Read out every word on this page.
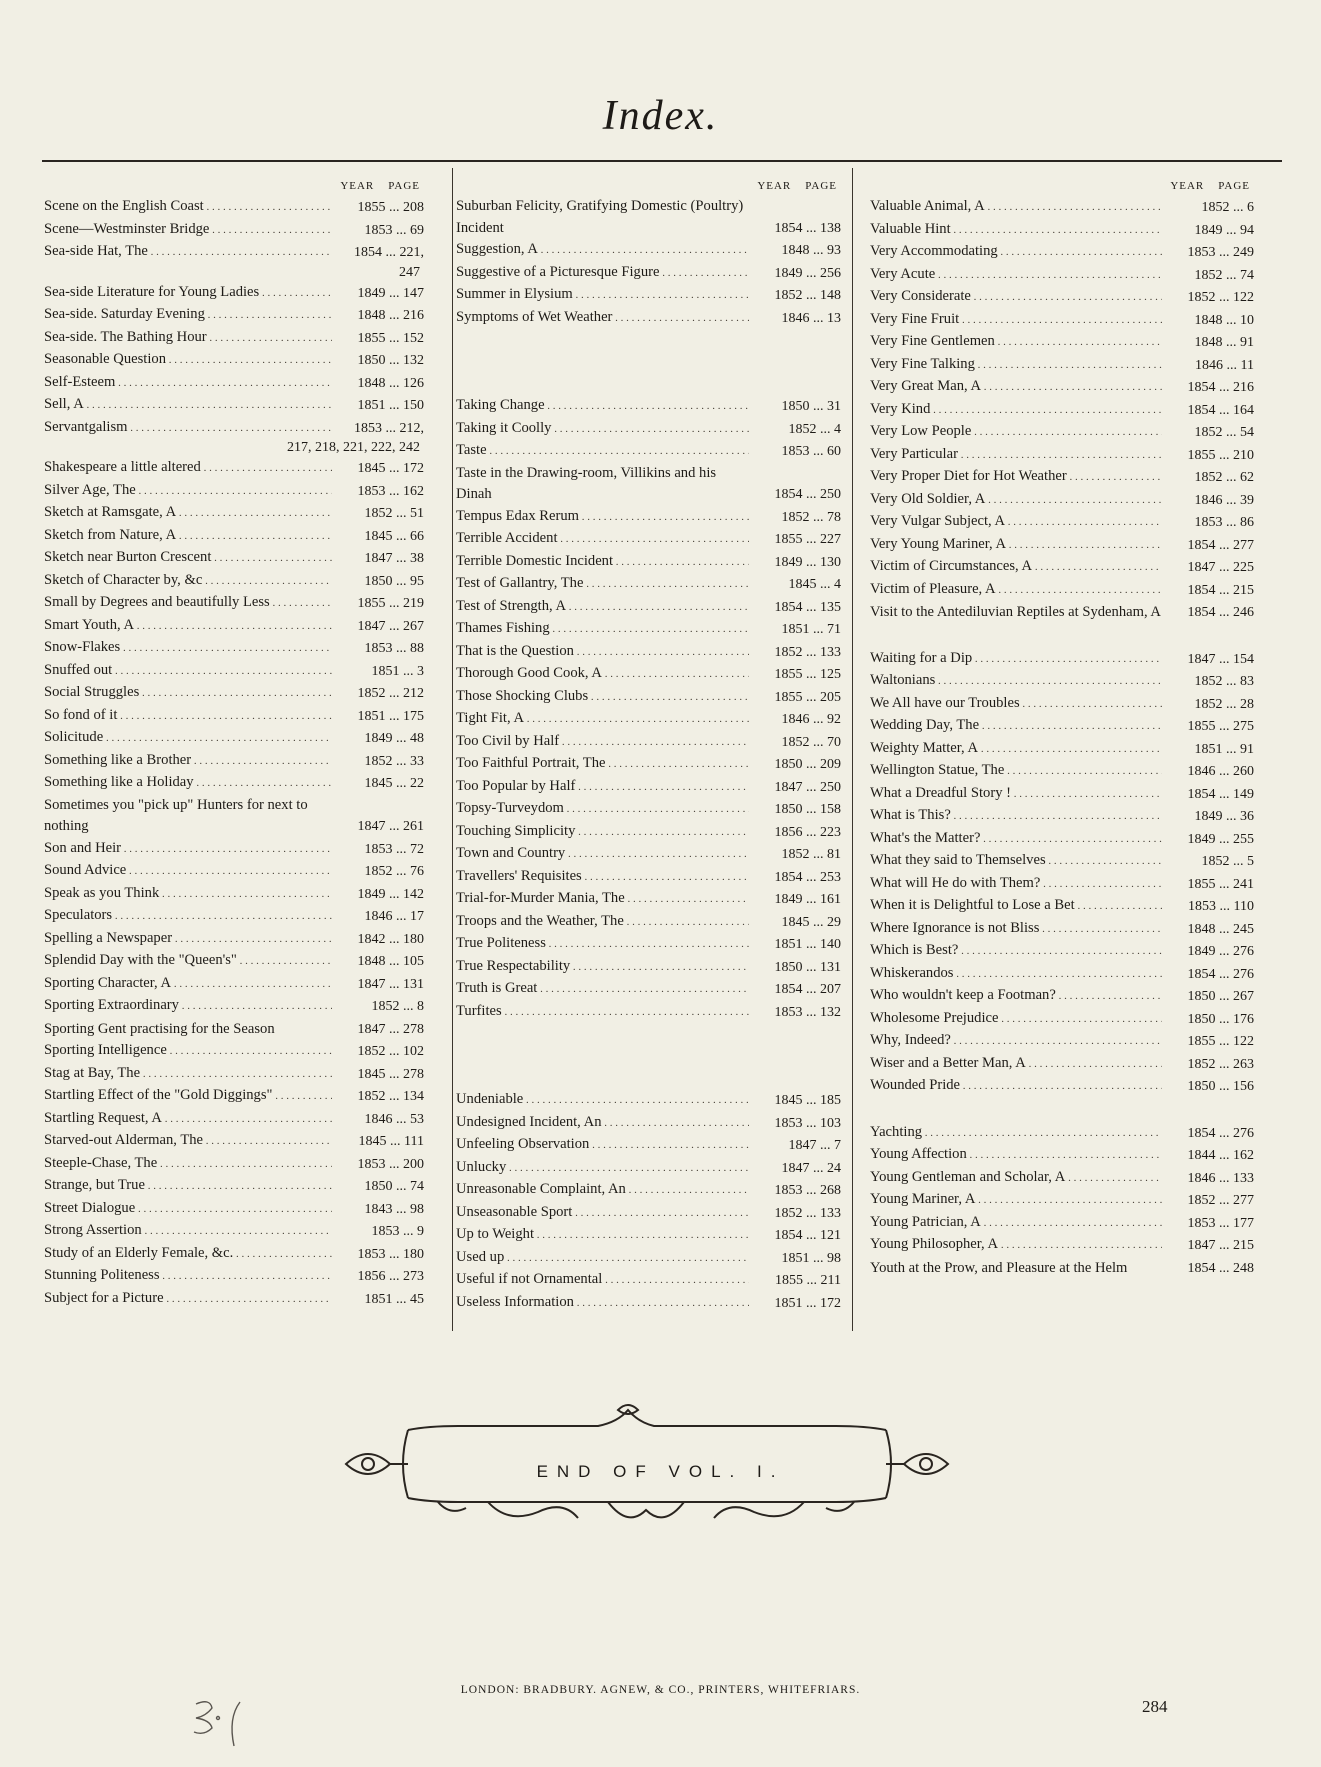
Index.
YEAR PAGE
Scene on the English Coast . . .	1855 ... 208
Scene—Westminster Bridge . . .	1853 ... 69
Sea-side Hat, The . . .	1854 ... 221,
247
Sea-side Literature for Young Ladies . . .	1849 ... 147
Sea-side. Saturday Evening . . .	1848 ... 216
Sea-side. The Bathing Hour . . .	1855 ... 152
Seasonable Question . . .	1850 ... 132
Self-Esteem . . .	1848 ... 126
Sell, A . . .	1851 ... 150
Servantgalism . . .	1853 ... 212,
217, 218, 221, 222, 242
Shakespeare a little altered . . .	1845 ... 172
Silver Age, The . . .	1853 ... 162
Sketch at Ramsgate, A . . .	1852 ... 51
Sketch from Nature, A . . .	1845 ... 66
Sketch near Burton Crescent . . .	1847 ... 38
Sketch of Character by, &c . . .	1850 ... 95
Small by Degrees and beautifully Less . . .	1855 ... 219
Smart Youth, A . . .	1847 ... 267
Snow-Flakes . . .	1853 ... 88
Snuffed out . . .	1851 ... 3
Social Struggles . . .	1852 ... 212
So fond of it . . .	1851 ... 175
Solicitude . . .	1849 ... 48
Something like a Brother . . .	1852 ... 33
Something like a Holiday . . .	1845 ... 22
Sometimes you "pick up" Hunters for next to nothing	1847 ... 261
Son and Heir . . .	1853 ... 72
Sound Advice . . .	1852 ... 76
Speak as you Think . . .	1849 ... 142
Speculators . . .	1846 ... 17
Spelling a Newspaper . . .	1842 ... 180
Splendid Day with the "Queen's" . . .	1848 ... 105
Sporting Character, A . . .	1847 ... 131
Sporting Extraordinary . . .	1852 ... 8
Sporting Gent practising for the Season	1847 ... 278
Sporting Intelligence . . .	1852 ... 102
Stag at Bay, The . . .	1845 ... 278
Startling Effect of the "Gold Diggings" . . .	1852 ... 134
Startling Request, A . . .	1846 ... 53
Starved-out Alderman, The . . .	1845 ... 111
Steeple-Chase, The . . .	1853 ... 200
Strange, but True . . .	1850 ... 74
Street Dialogue . . .	1843 ... 98
Strong Assertion . . .	1853 ... 9
Study of an Elderly Female, &c. . . .	1853 ... 180
Stunning Politeness . . .	1856 ... 273
Subject for a Picture . . .	1851 ... 45
YEAR PAGE
Suburban Felicity, Gratifying Domestic (Poultry) Incident	1854 ... 138
Suggestion, A . . .	1848 ... 93
Suggestive of a Picturesque Figure . . .	1849 ... 256
Summer in Elysium . . .	1852 ... 148
Symptoms of Wet Weather . . .	1846 ... 13
Taking Change . . .	1850 ... 31
Taking it Coolly . . .	1852 ... 4
Taste . . .	1853 ... 60
Taste in the Drawing-room, Villikins and his Dinah	1854 ... 250
Tempus Edax Rerum . . .	1852 ... 78
Terrible Accident . . .	1855 ... 227
Terrible Domestic Incident . . .	1849 ... 130
Test of Gallantry, The . . .	1845 ... 4
Test of Strength, A . . .	1854 ... 135
Thames Fishing . . .	1851 ... 71
That is the Question . . .	1852 ... 133
Thorough Good Cook, A . . .	1855 ... 125
Those Shocking Clubs . . .	1855 ... 205
Tight Fit, A . . .	1846 ... 92
Too Civil by Half . . .	1852 ... 70
Too Faithful Portrait, The . . .	1850 ... 209
Too Popular by Half . . .	1847 ... 250
Topsy-Turveydom . . .	1850 ... 158
Touching Simplicity . . .	1856 ... 223
Town and Country . . .	1852 ... 81
Travellers' Requisites . . .	1854 ... 253
Trial-for-Murder Mania, The . . .	1849 ... 161
Troops and the Weather, The . . .	1845 ... 29
True Politeness . . .	1851 ... 140
True Respectability . . .	1850 ... 131
Truth is Great . . .	1854 ... 207
Turfites . . .	1853 ... 132
Undeniable . . .	1845 ... 185
Undesigned Incident, An . . .	1853 ... 103
Unfeeling Observation . . .	1847 ... 7
Unlucky . . .	1847 ... 24
Unreasonable Complaint, An . . .	1853 ... 268
Unseasonable Sport . . .	1852 ... 133
Up to Weight . . .	1854 ... 121
Used up . . .	1851 ... 98
Useful if not Ornamental . . .	1855 ... 211
Useless Information . . .	1851 ... 172
YEAR PAGE
Valuable Animal, A . . .	1852 ... 6
Valuable Hint . . .	1849 ... 94
Very Accommodating . . .	1853 ... 249
Very Acute . . .	1852 ... 74
Very Considerate . . .	1852 ... 122
Very Fine Fruit . . .	1848 ... 10
Very Fine Gentlemen . . .	1848 ... 91
Very Fine Talking . . .	1846 ... 11
Very Great Man, A . . .	1854 ... 216
Very Kind . . .	1854 ... 164
Very Low People . . .	1852 ... 54
Very Particular . . .	1855 ... 210
Very Proper Diet for Hot Weather . . .	1852 ... 62
Very Old Soldier, A . . .	1846 ... 39
Very Vulgar Subject, A . . .	1853 ... 86
Very Young Mariner, A . . .	1854 ... 277
Victim of Circumstances, A . . .	1847 ... 225
Victim of Pleasure, A . . .	1854 ... 215
Visit to the Antediluvian Reptiles at Sydenham, A	1854 ... 246
Waiting for a Dip . . .	1847 ... 154
Waltonians . . .	1852 ... 83
We All have our Troubles . . .	1852 ... 28
Wedding Day, The . . .	1855 ... 275
Weighty Matter, A . . .	1851 ... 91
Wellington Statue, The . . .	1846 ... 260
What a Dreadful Story ! . . .	1854 ... 149
What is This? . . .	1849 ... 36
What's the Matter? . . .	1849 ... 255
What they said to Themselves . . .	1852 ... 5
What will He do with Them? . . .	1855 ... 241
When it is Delightful to Lose a Bet . . .	1853 ... 110
Where Ignorance is not Bliss . . .	1848 ... 245
Which is Best? . . .	1849 ... 276
Whiskerandos . . .	1854 ... 276
Who wouldn't keep a Footman? . . .	1850 ... 267
Wholesome Prejudice . . .	1850 ... 176
Why, Indeed? . . .	1855 ... 122
Wiser and a Better Man, A . . .	1852 ... 263
Wounded Pride . . .	1850 ... 156
Yachting . . .	1854 ... 276
Young Affection . . .	1844 ... 162
Young Gentleman and Scholar, A . . .	1846 ... 133
Young Mariner, A . . .	1852 ... 277
Young Patrician, A . . .	1853 ... 177
Young Philosopher, A . . .	1847 ... 215
Youth at the Prow, and Pleasure at the Helm	1854 ... 248
END OF VOL. I.
LONDON: BRADBURY. AGNEW, & CO., PRINTERS, WHITEFRIARS.
284
